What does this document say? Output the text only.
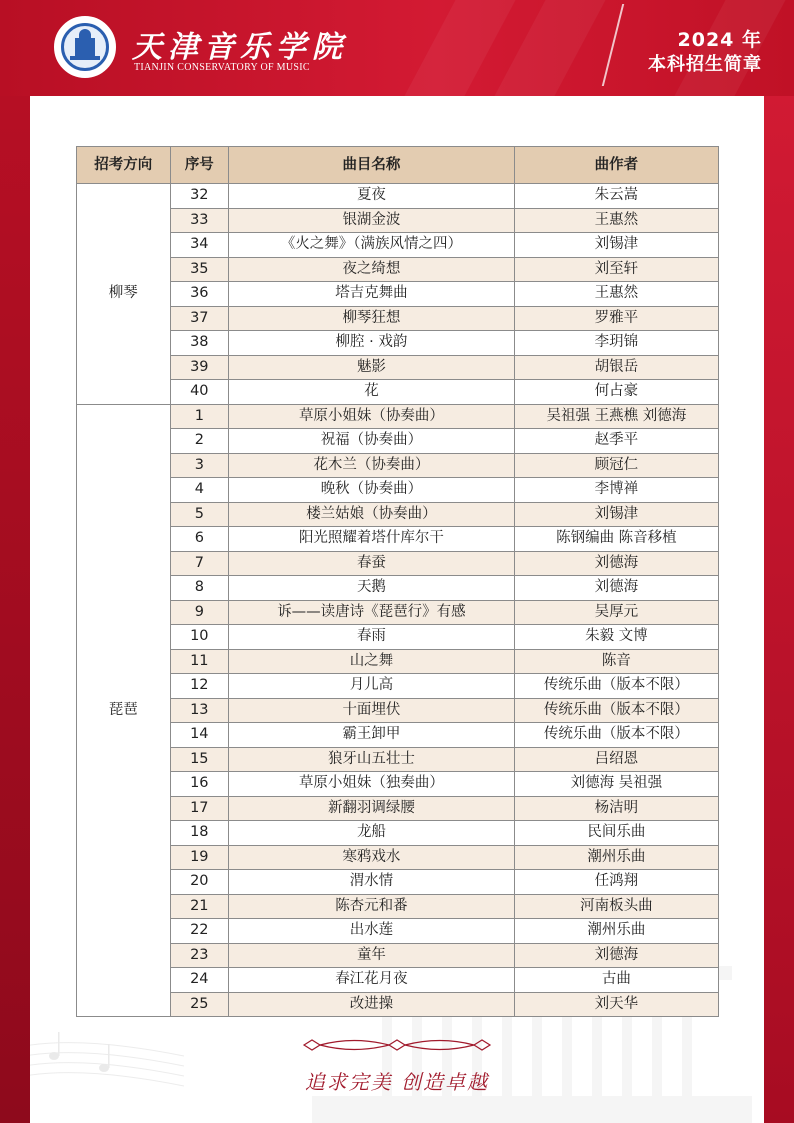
天津音乐学院
TIANJIN CONSERVATORY OF MUSIC
2024 年
本科招生简章
招考方向	序号	曲目名称	曲作者
柳琴	32	夏夜	朱云嵩
	33	银湖金波	王惠然
	34	《火之舞》（满族风情之四）	刘锡津
	35	夜之绮想	刘至轩
	36	塔吉克舞曲	王惠然
	37	柳琴狂想	罗雅平
	38	柳腔 · 戏韵	李玥锦
	39	魅影	胡银岳
	40	花	何占豪
琵琶	1	草原小姐妹（协奏曲）	吴祖强 王燕樵 刘德海
	2	祝福（协奏曲）	赵季平
	3	花木兰（协奏曲）	顾冠仁
	4	晚秋（协奏曲）	李博禅
	5	楼兰姑娘（协奏曲）	刘锡津
	6	阳光照耀着塔什库尔干	陈钢编曲 陈音移植
	7	春蚕	刘德海
	8	天鹅	刘德海
	9	诉——读唐诗《琵琶行》有感	吴厚元
	10	春雨	朱毅 文博
	11	山之舞	陈音
	12	月儿高	传统乐曲（版本不限）
	13	十面埋伏	传统乐曲（版本不限）
	14	霸王卸甲	传统乐曲（版本不限）
	15	狼牙山五壮士	吕绍恩
	16	草原小姐妹（独奏曲）	刘德海 吴祖强
	17	新翻羽调绿腰	杨洁明
	18	龙船	民间乐曲
	19	寒鸦戏水	潮州乐曲
	20	渭水情	任鸿翔
	21	陈杏元和番	河南板头曲
	22	出水莲	潮州乐曲
	23	童年	刘德海
	24	春江花月夜	古曲
	25	改进操	刘天华
追求完美 创造卓越
